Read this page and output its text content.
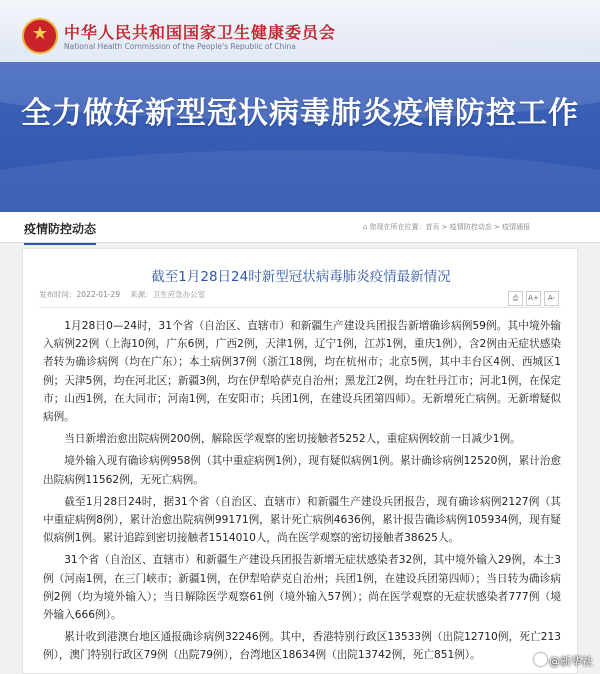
★
中华人民共和国国家卫生健康委员会
National Health Commission of the People's Republic of China
全力做好新型冠状病毒肺炎疫情防控工作
疫情防控动态	⌂ 您现在所在位置：首页 > 疫情防控动态 > 疫情通报
截至1月28日24时新型冠状病毒肺炎疫情最新情况
发布时间：2022-01-29 来源：卫生应急办公室	⎙ A+ A-

1月28日0—24时，31个省（自治区、直辖市）和新疆生产建设兵团报告新增确诊病例59例。其中境外输入病例22例（上海10例，广东6例，广西2例，天津1例，辽宁1例，江苏1例，重庆1例），含2例由无症状感染者转为确诊病例（均在广东）；本土病例37例（浙江18例，均在杭州市；北京5例，其中丰台区4例、西城区1例；天津5例，均在河北区；新疆3例，均在伊犁哈萨克自治州；黑龙江2例，均在牡丹江市；河北1例，在保定市；山西1例，在大同市；河南1例，在安阳市；兵团1例，在建设兵团第四师）。无新增死亡病例。无新增疑似病例。

当日新增治愈出院病例200例，解除医学观察的密切接触者5252人，重症病例较前一日减少1例。

境外输入现有确诊病例958例（其中重症病例1例），现有疑似病例1例。累计确诊病例12520例，累计治愈出院病例11562例，无死亡病例。

截至1月28日24时，据31个省（自治区、直辖市）和新疆生产建设兵团报告，现有确诊病例2127例（其中重症病例8例），累计治愈出院病例99171例，累计死亡病例4636例，累计报告确诊病例105934例，现有疑似病例1例。累计追踪到密切接触者1514010人，尚在医学观察的密切接触者38625人。

31个省（自治区、直辖市）和新疆生产建设兵团报告新增无症状感染者32例，其中境外输入29例，本土3例（河南1例，在三门峡市；新疆1例，在伊犁哈萨克自治州；兵团1例，在建设兵团第四师）；当日转为确诊病例2例（均为境外输入）；当日解除医学观察61例（境外输入57例）；尚在医学观察的无症状感染者777例（境外输入666例）。

累计收到港澳台地区通报确诊病例32246例。其中，香港特别行政区13533例（出院12710例，死亡213例），澳门特别行政区79例（出院79例），台湾地区18634例（出院13742例，死亡851例）。	@新华社
